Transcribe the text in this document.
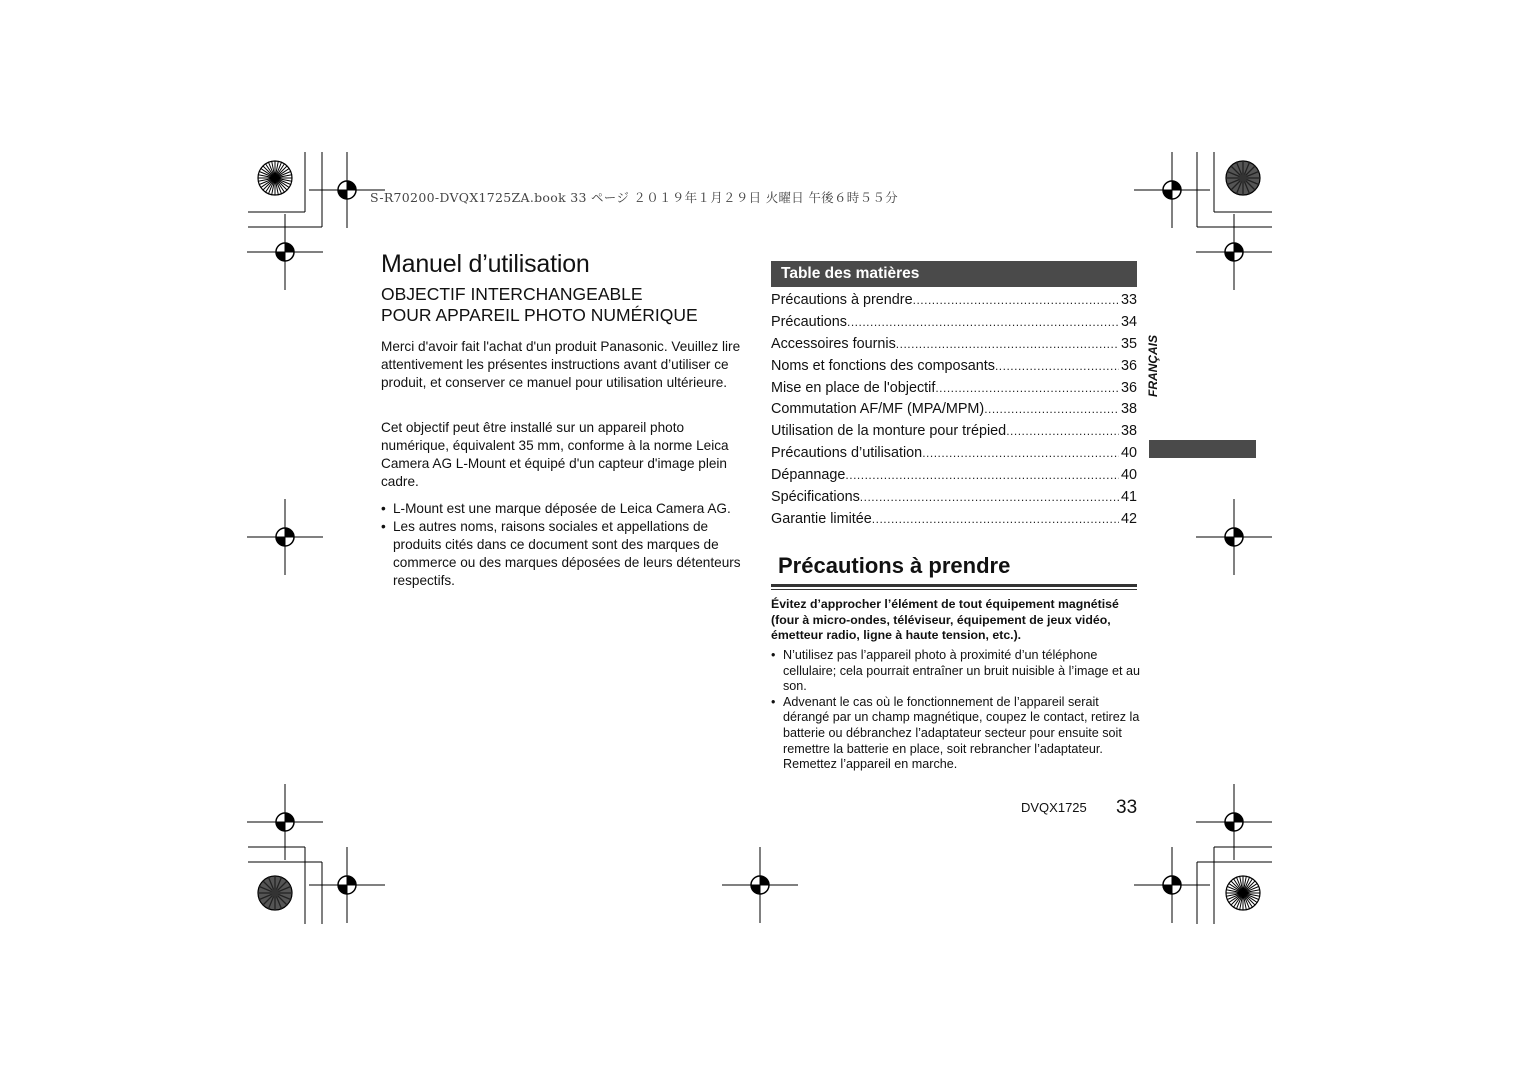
S-R70200-DVQX1725ZA.book 33 ページ ２０１９年１月２９日 火曜日 午後６時５５分
Manuel d’utilisation
OBJECTIF INTERCHANGEABLE
POUR APPAREIL PHOTO NUMÉRIQUE
Merci d'avoir fait l'achat d'un produit Panasonic. Veuillez lire attentivement les présentes instructions avant d’utiliser ce produit, et conserver ce manuel pour utilisation ultérieure.
Cet objectif peut être installé sur un appareil photo numérique, équivalent 35 mm, conforme à la norme Leica Camera AG L-Mount et équipé d'un capteur d'image plein cadre.
• L-Mount est une marque déposée de Leica Camera AG.
• Les autres noms, raisons sociales et appellations de produits cités dans ce document sont des marques de commerce ou des marques déposées de leurs détenteurs respectifs.
Table des matières
Précautions à prendre .....	33
Précautions .....	34
Accessoires fournis .....	35
Noms et fonctions des composants .....	36
Mise en place de l'objectif .....	36
Commutation AF/MF (MPA/MPM) .....	38
Utilisation de la monture pour trépied .....	38
Précautions d’utilisation .....	40
Dépannage .....	40
Spécifications .....	41
Garantie limitée .....	42
Précautions à prendre
Évitez d’approcher l’élément de tout équipement magnétisé (four à micro-ondes, téléviseur, équipement de jeux vidéo, émetteur radio, ligne à haute tension, etc.).
• N’utilisez pas l’appareil photo à proximité d’un téléphone cellulaire; cela pourrait entraîner un bruit nuisible à l’image et au son.
• Advenant le cas où le fonctionnement de l’appareil serait dérangé par un champ magnétique, coupez le contact, retirez la batterie ou débranchez l’adaptateur secteur pour ensuite soit remettre la batterie en place, soit rebrancher l’adaptateur. Remettez l’appareil en marche.
FRANÇAIS
DVQX1725 33
